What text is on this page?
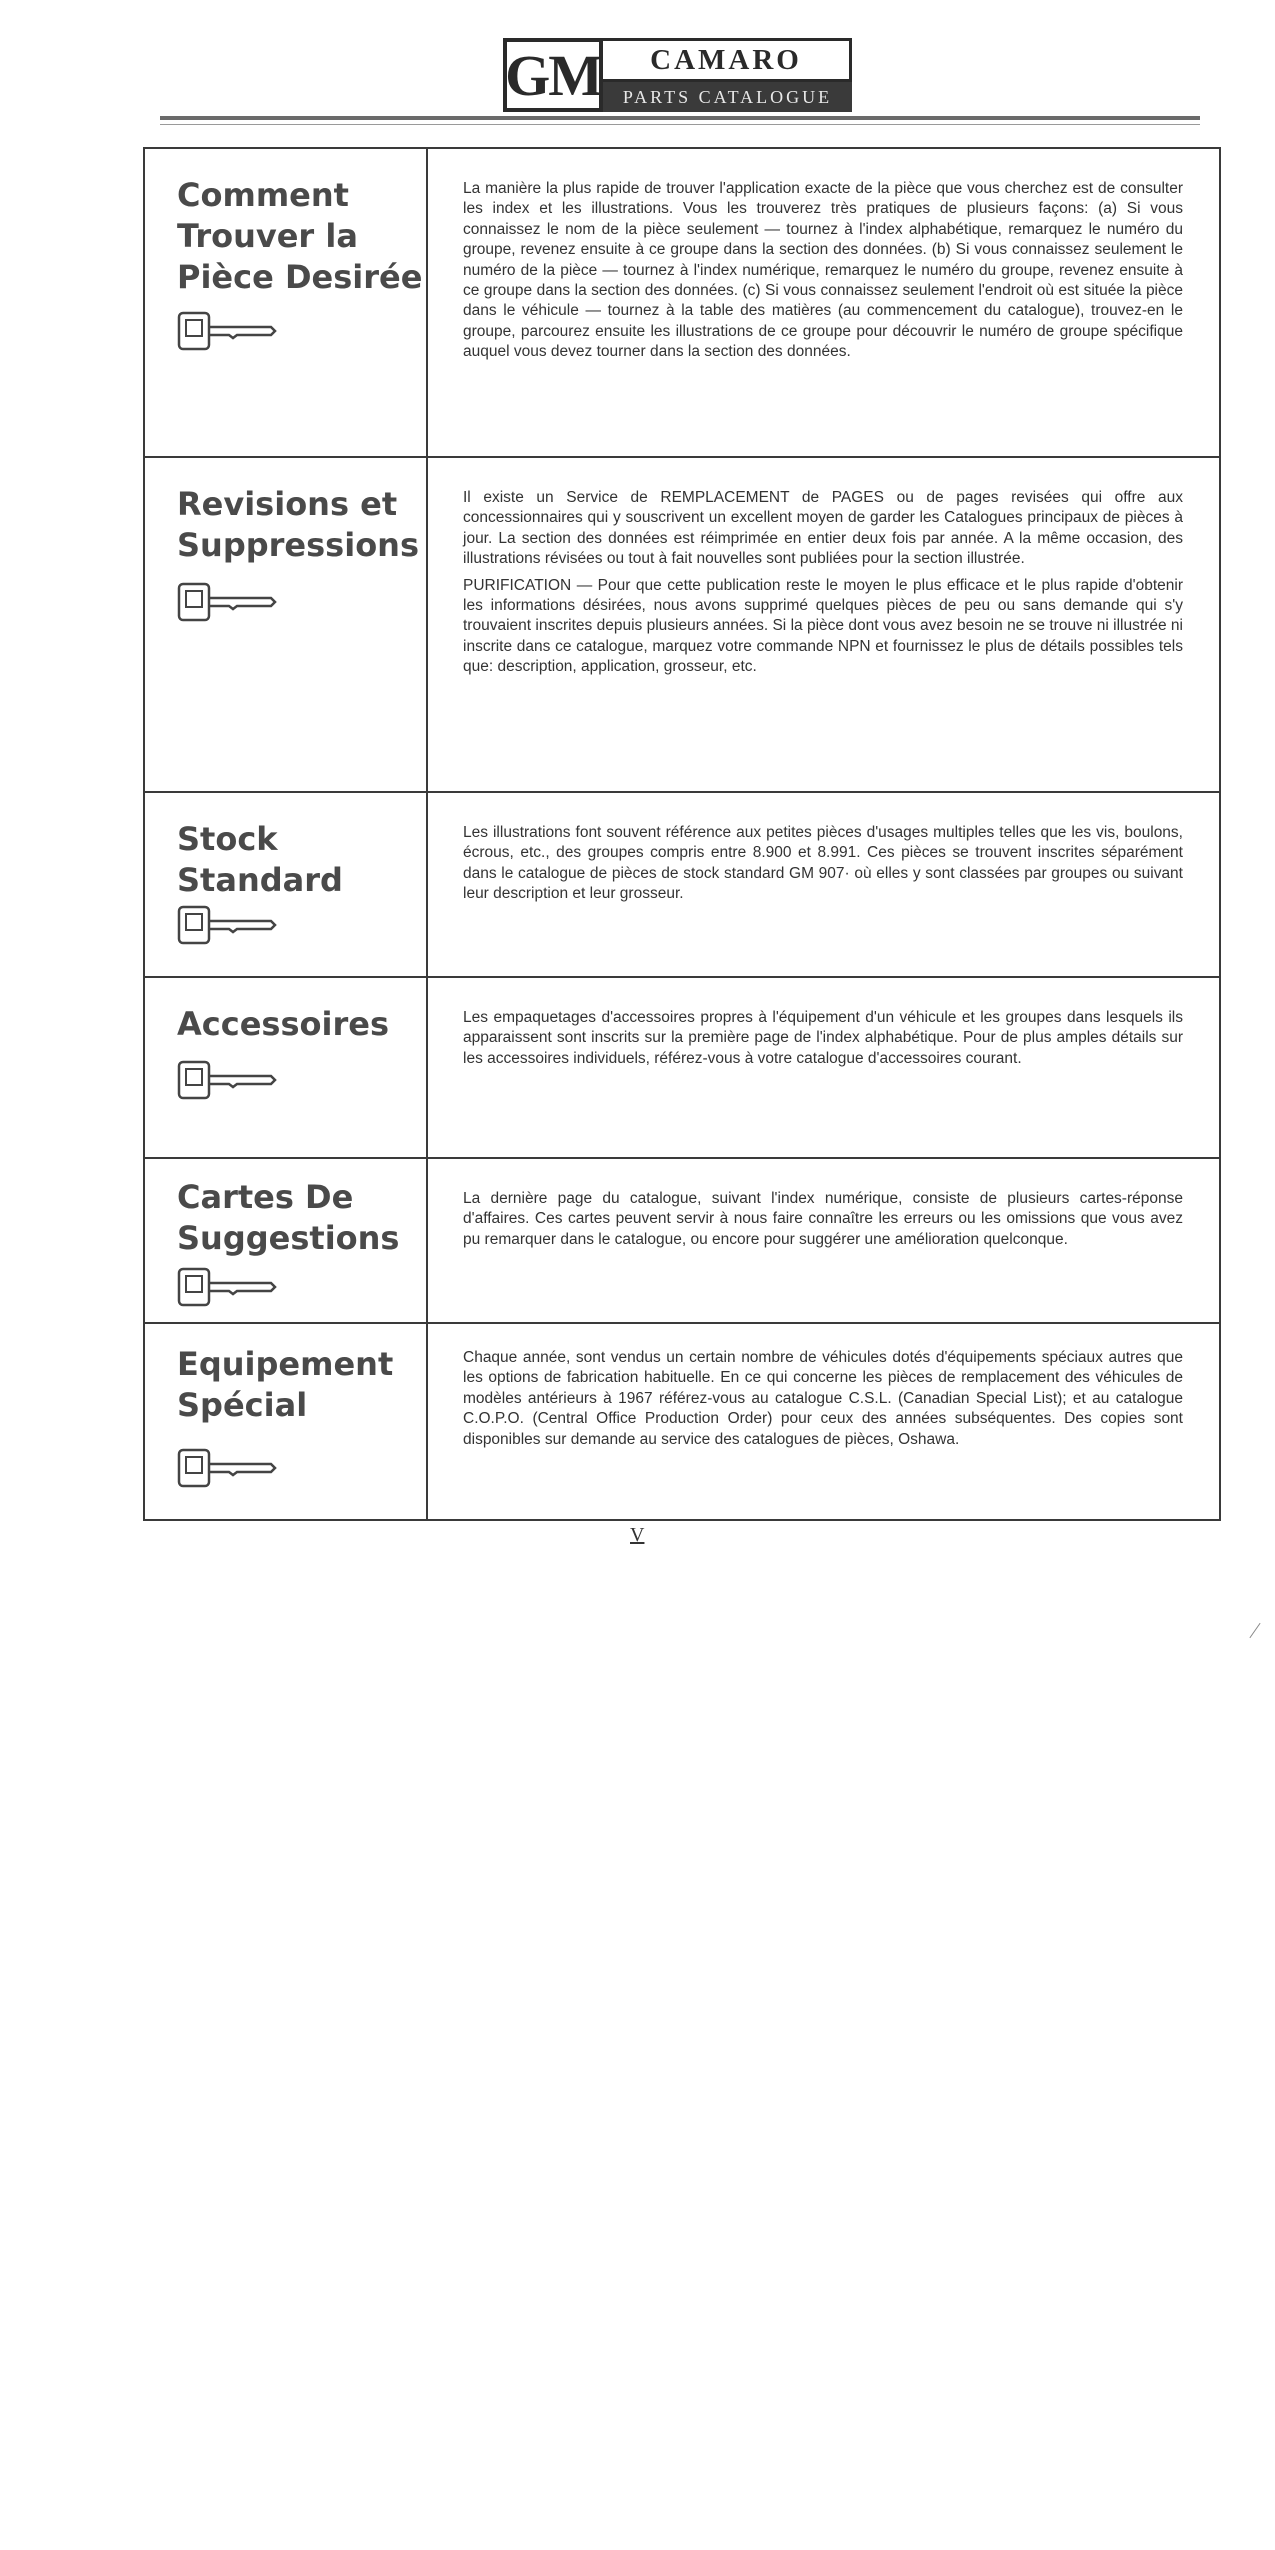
GM	CAMARO
PARTS CATALOGUE
Comment
Trouver la
Pièce Desirée

La manière la plus rapide de trouver l'application exacte de la pièce que vous cherchez est de consulter les index et les illustrations. Vous les trouverez très pratiques de plusieurs façons: (a) Si vous connaissez le nom de la pièce seulement — tournez à l'index alphabétique, remarquez le numéro du groupe, revenez ensuite à ce groupe dans la section des données. (b) Si vous connaissez seulement le numéro de la pièce — tournez à l'index numérique, remarquez le numéro du groupe, revenez ensuite à ce groupe dans la section des données. (c) Si vous connaissez seulement l'endroit où est située la pièce dans le véhicule — tournez à la table des matières (au commencement du catalogue), trouvez-en le groupe, parcourez ensuite les illustrations de ce groupe pour découvrir le numéro de groupe spécifique auquel vous devez tourner dans la section des données.

Revisions et
Suppressions

Il existe un Service de REMPLACEMENT de PAGES ou de pages revisées qui offre aux concessionnaires qui y souscrivent un excellent moyen de garder les Catalogues principaux de pièces à jour. La section des données est réimprimée en entier deux fois par année. A la même occasion, des illustrations révisées ou tout à fait nouvelles sont publiées pour la section illustrée.

PURIFICATION — Pour que cette publication reste le moyen le plus efficace et le plus rapide d'obtenir les informations désirées, nous avons supprimé quelques pièces de peu ou sans demande qui s'y trouvaient inscrites depuis plusieurs années. Si la pièce dont vous avez besoin ne se trouve ni illustrée ni inscrite dans ce catalogue, marquez votre commande NPN et fournissez le plus de détails possibles tels que: description, application, grosseur, etc.

Stock
Standard

Les illustrations font souvent référence aux petites pièces d'usages multiples telles que les vis, boulons, écrous, etc., des groupes compris entre 8.900 et 8.991. Ces pièces se trouvent inscrites séparément dans le catalogue de pièces de stock standard GM 907· où elles y sont classées par groupes ou suivant leur description et leur grosseur.

Accessoires	Les empaquetages d'accessoires propres à l'équipement d'un véhicule et les groupes dans lesquels ils apparaissent sont inscrits sur la première page de l'index alphabétique. Pour de plus amples détails sur les accessoires individuels, référez-vous à votre catalogue d'accessoires courant.

Cartes De
Suggestions

La dernière page du catalogue, suivant l'index numérique, consiste de plusieurs cartes-réponse d'affaires. Ces cartes peuvent servir à nous faire connaître les erreurs ou les omissions que vous avez pu remarquer dans le catalogue, ou encore pour suggérer une amélioration quelconque.

Equipement
Spécial

Chaque année, sont vendus un certain nombre de véhicules dotés d'équipements spéciaux autres que les options de fabrication habituelle. En ce qui concerne les pièces de remplacement des véhicules de modèles antérieurs à 1967 référez-vous au catalogue C.S.L. (Canadian Special List); et au catalogue C.O.P.O. (Central Office Production Order) pour ceux des années subséquentes. Des copies sont disponibles sur demande au service des catalogues de pièces, Oshawa.

V
